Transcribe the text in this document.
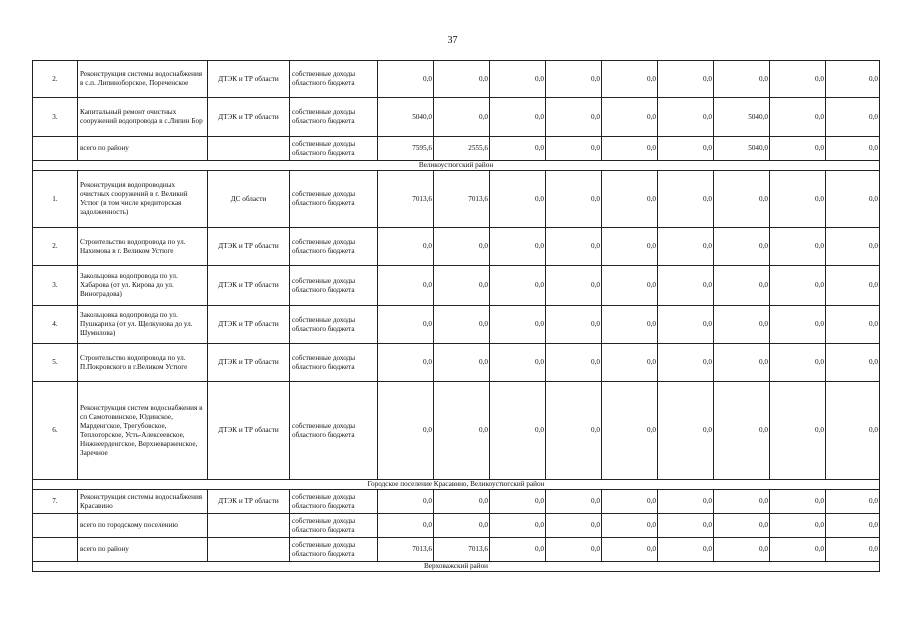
37
2.	Реконструкция системы водоснабжения в с.п. Липиноборское, Пореченское	ДТЭК и ТР области	собственные доходы областного бюджета	0,0	0,0	0,0	0,0	0,0	0,0	0,0	0,0	0,0
3.	Капитальный ремонт очистных сооружений водопровода в с.Липин Бор	ДТЭК и ТР области	собственные доходы областного бюджета	5040,0	0,0	0,0	0,0	0,0	0,0	5040,0	0,0	0,0
	всего по району		собственные доходы областного бюджета	7595,6	2555,6	0,0	0,0	0,0	0,0	5040,0	0,0	0,0
Великоустюгский район												
1.	Реконструкция водопроводных очистных сооружений в г. Великий Устюг (в том числе кредиторская задолженность)	ДС области	собственные доходы областного бюджета	7013,6	7013,6	0,0	0,0	0,0	0,0	0,0	0,0	0,0
2.	Строительство водопровода по ул. Нахимова в г. Великом Устюге	ДТЭК и ТР области	собственные доходы областного бюджета	0,0	0,0	0,0	0,0	0,0	0,0	0,0	0,0	0,0
3.	Закольцовка водопровода по ул. Хабарова (от ул. Кирова до ул. Виноградова)	ДТЭК и ТР области	собственные доходы областного бюджета	0,0	0,0	0,0	0,0	0,0	0,0	0,0	0,0	0,0
4.	Закольцовка водопровода по ул. Пушкариха (от ул. Щелкунова до ул. Шумилова)	ДТЭК и ТР области	собственные доходы областного бюджета	0,0	0,0	0,0	0,0	0,0	0,0	0,0	0,0	0,0
5.	Строительство водопровода по ул. П.Покровского в г.Великом Устюге	ДТЭК и ТР области	собственные доходы областного бюджета	0,0	0,0	0,0	0,0	0,0	0,0	0,0	0,0	0,0
6.	Реконструкция систем водоснабжения в сп Самотовинское, Юдинское, Марденгское, Трегубовское, Теплогорское, Усть-Алексеевское, Нижнеерденгское, Верхневарженское, Заречное	ДТЭК и ТР области	собственные доходы областного бюджета	0,0	0,0	0,0	0,0	0,0	0,0	0,0	0,0	0,0
Городское поселение Красавино, Великоустюгский район												
7.	Реконструкция системы водоснабжения Красавино	ДТЭК и ТР области	собственные доходы областного бюджета	0,0	0,0	0,0	0,0	0,0	0,0	0,0	0,0	0,0
	всего по городскому поселению		собственные доходы областного бюджета	0,0	0,0	0,0	0,0	0,0	0,0	0,0	0,0	0,0
	всего по району		собственные доходы областного бюджета	7013,6	7013,6	0,0	0,0	0,0	0,0	0,0	0,0	0,0
Верховажский район												
